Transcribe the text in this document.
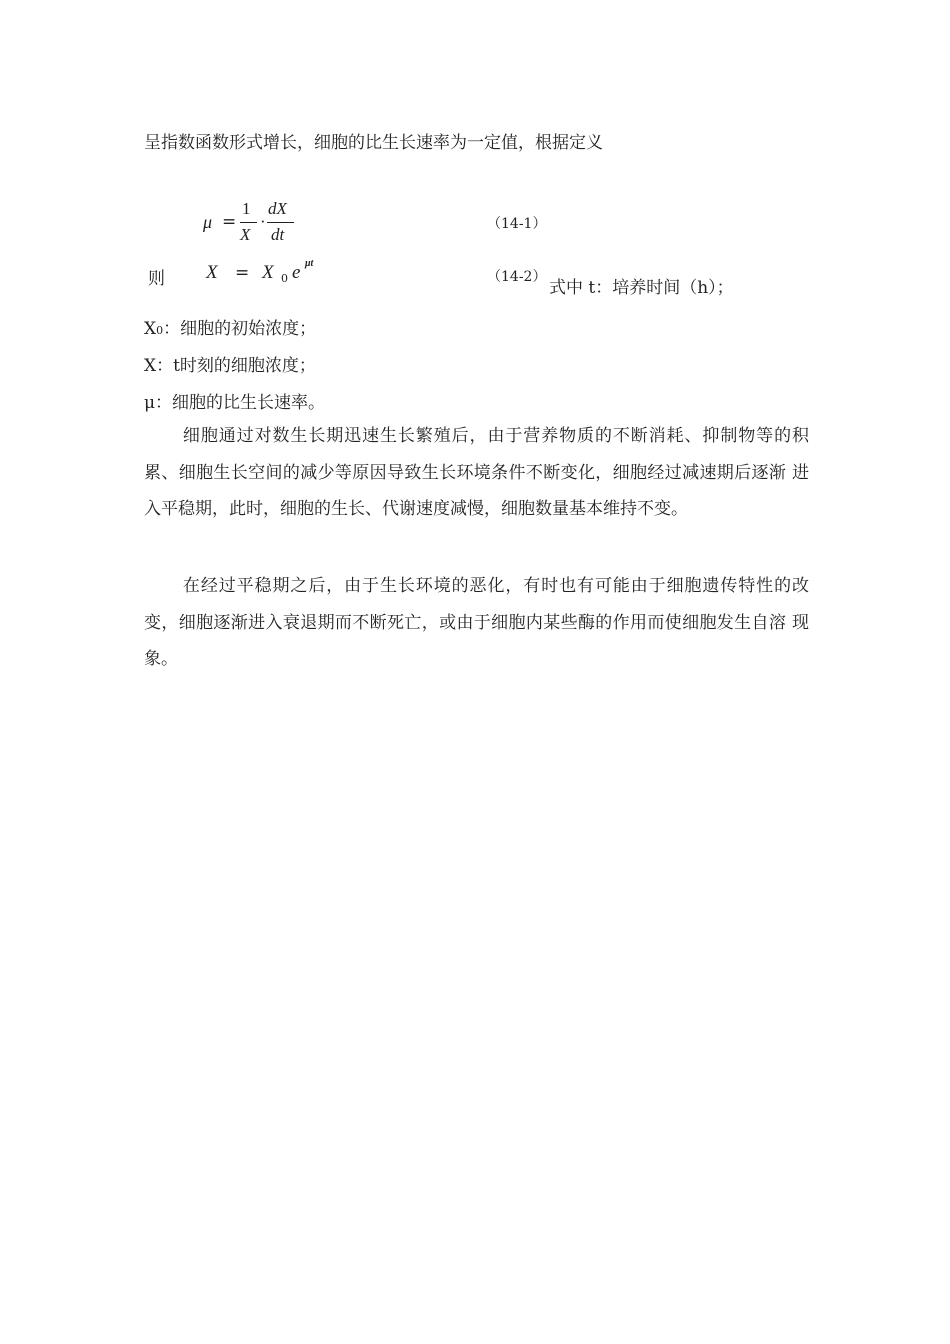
呈指数函数形式增长，细胞的比生长速率为一定值，根据定义
μ =
1
X
·
dX
dt
（14-1）
则 X = X 0 e μt
（14-2）
式中 t：培养时间（h）；
X0：细胞的初始浓度；
X：t时刻的细胞浓度；
μ：细胞的比生长速率。
细胞通过对数生长期迅速生长繁殖后，由于营养物质的不断消耗、抑制物等的积累、细胞生长空间的减少等原因导致生长环境条件不断变化，细胞经过减速期后逐渐 进入平稳期，此时，细胞的生长、代谢速度减慢，细胞数量基本维持不变。
在经过平稳期之后，由于生长环境的恶化，有时也有可能由于细胞遗传特性的改变，细胞逐渐进入衰退期而不断死亡，或由于细胞内某些酶的作用而使细胞发生自溶 现象。
